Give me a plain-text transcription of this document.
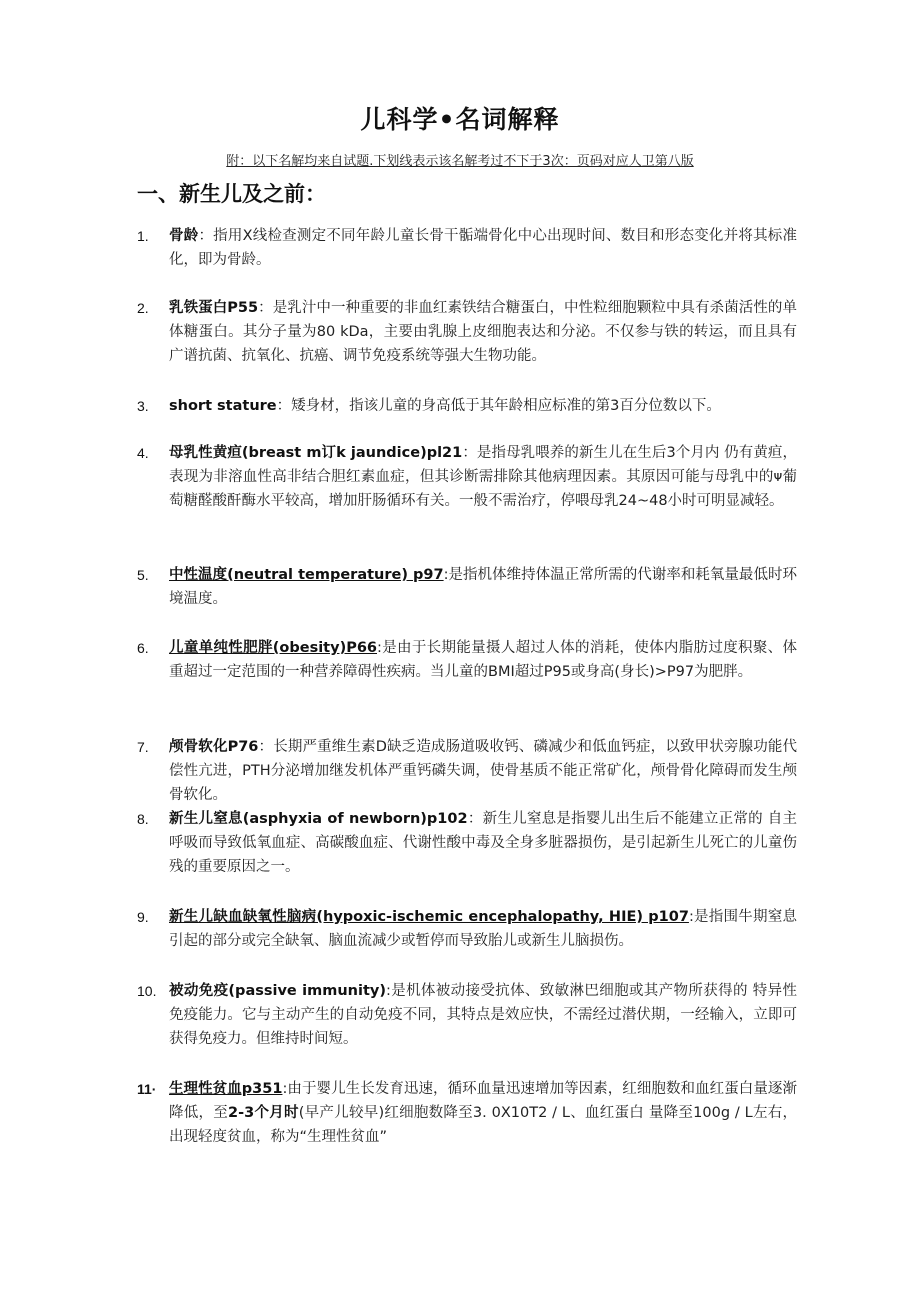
儿科学•名词解释
附：以下名解均来自试题.下划线表示该名解考过不下于3次：页码对应人卫第八版
一、新生儿及之前：
1.	骨龄：指用X线检查测定不同年龄儿童长骨干骺端骨化中心出现时间、数目和形态变化并将其标准化，即为骨龄。
2.	乳铁蛋白P55：是乳汁中一种重要的非血红素铁结合糖蛋白，中性粒细胞颗粒中具有杀菌活性的单体糖蛋白。其分子量为80 kDa，主要由乳腺上皮细胞表达和分泌。不仅参与铁的转运，而且具有广谱抗菌、抗氧化、抗癌、调节免疫系统等强大生物功能。
3.	short stature：矮身材，指该儿童的身高低于其年龄相应标准的第3百分位数以下。
4.	母乳性黄疸(breast m订k jaundice)pl21：是指母乳喂养的新生儿在生后3个月内 仍有黄疸，表现为非溶血性高非结合胆红素血症，但其诊断需排除其他病理因素。其原因可能与母乳中的ᴪ葡萄糖醛酸酐酶水平较高，增加肝肠循环有关。一般不需治疗，停喂母乳24~48小时可明显减轻。
5.	中性温度(neutral temperature) p97:是指机体维持体温正常所需的代谢率和耗氧量最低时环境温度。
6.	儿童单纯性肥胖(obesity)P66:是由于长期能量摄人超过人体的消耗，使体内脂肪过度积聚、体重超过一定范围的一种营养障碍性疾病。当儿童的BMI超过P95或身高(身长)>P97为肥胖。
7.	颅骨软化P76：长期严重维生素D缺乏造成肠道吸收钙、磷减少和低血钙症，以致甲状旁腺功能代偿性亢进，PTH分泌增加继发机体严重钙磷失调，使骨基质不能正常矿化，颅骨骨化障碍而发生颅骨软化。
8.	新生儿窒息(asphyxia of newborn)p102：新生儿窒息是指婴儿出生后不能建立正常的 自主呼吸而导致低氧血症、高碳酸血症、代谢性酸中毒及全身多脏器损伤，是引起新生儿死亡的儿童伤残的重要原因之一。
9.	新生儿缺血缺氧性脑病(hypoxic-ischemic encephalopathy, HIE) p107:是指围牛期窒息 引起的部分或完全缺氧、脑血流减少或暂停而导致胎儿或新生儿脑损伤。
10. 被动免疫(passive immunity):是机体被动接受抗体、致敏淋巴细胞或其产物所获得的 特异性免疫能力。它与主动产生的自动免疫不同，其特点是效应快，不需经过潜伏期，一经输入，立即可获得免疫力。但维持时间短。
11· 生理性贫血p351:由于婴儿生长发育迅速，循环血量迅速增加等因素，红细胞数和血红蛋白量逐渐降低，至2-3个月时(早产儿较早)红细胞数降至3. 0X10T2 / L、血红蛋白 量降至100g / L左右，出现轻度贫血，称为“生理性贫血”
